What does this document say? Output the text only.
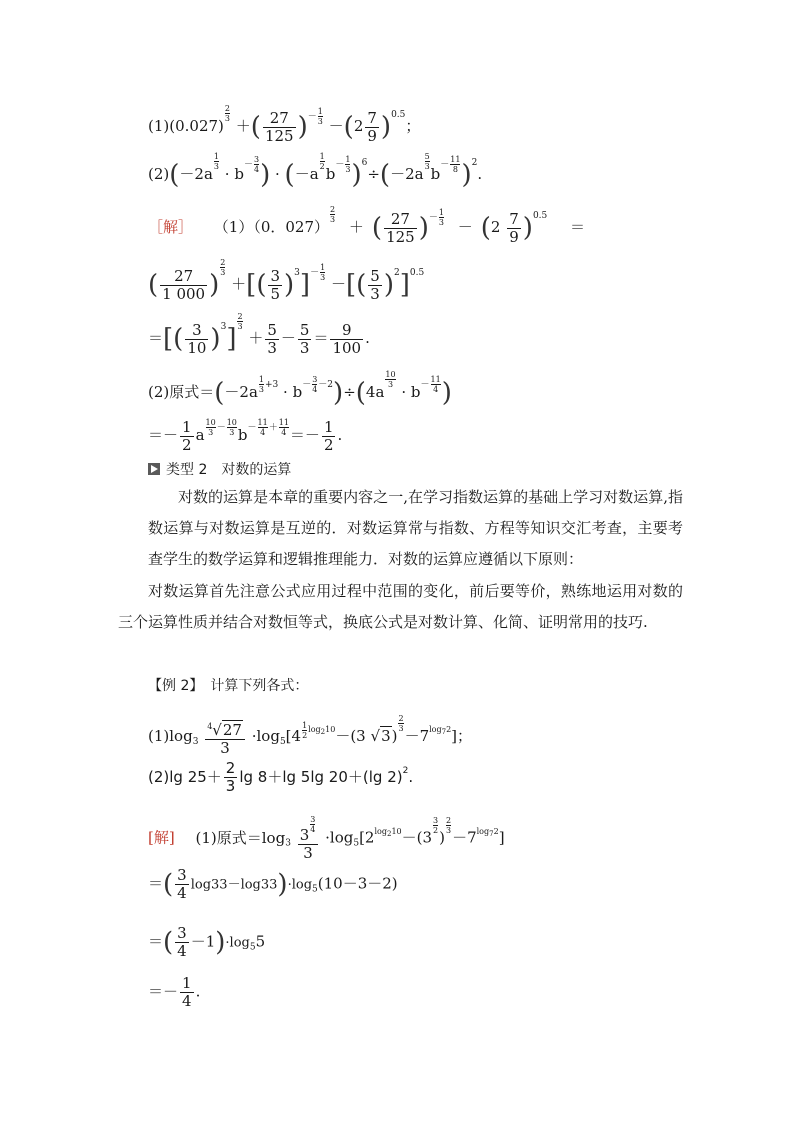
(1)(0.027)
$\frac{2}{3}$
＋( $\frac{27}{125} )^{- \frac{1}{3}} -(2 \frac{7}{9} )^{0.5}$；
(2)(－2a
$\frac{1}{3}$
· $b^{- \frac{3}{4}}$ ) · (－a
$\frac{1}{2}$
$b^{- \frac{1}{3}}$ )$^6$÷(－2a
$\frac{5}{3}$
$b^{- \frac{11}{8}}$ )$^2$.
［解］ （1）（0．027）
$\frac{2}{3}$
＋ ( $\frac{27}{125} )^{- \frac{1}{3}} - (2 \frac{7}{9} )^{0.5}$ ＝
( $\frac{27}{1 000}$ )
$\frac{2}{3}$
＋[( $\frac{3}{5} )^3]^{- \frac{1}{3}}$
－[( $\frac{5}{3} )^2]^{0.5}$
＝[( $\frac{3}{10} )^3$]
$\frac{2}{3}$
＋ $\frac{5}{3} - \frac{5}{3} = \frac{9}{100}$ .
(2)原式＝(－2a $^{\frac{1}{3} +3} \cdot b^{- \frac{3}{4} -2})\div(4a$
$\frac{10}{3}$
· $b^{- \frac{11}{4}}$ )
＝－ $\frac{1}{2}$ a $^{\frac{10}{3} - \frac{10}{3}}$ $b^{- \frac{11}{4} + \frac{11}{4}} =- \frac{1}{2}$ .
类型 2　对数的运算
对数的运算是本章的重要内容之一,在学习指数运算的基础上学习对数运算,指数运算与对数运算是互逆的．对数运算常与指数、方程等知识交汇考查，主要考查学生的数学运算和逻辑推理能力．对数的运算应遵循以下原则：
对数运算首先注意公式应用过程中范围的变化，前后要等价，熟练地运用对数的三个运算性质并结合对数恒等式，换底公式是对数计算、化简、证明常用的技巧.
【例 2】　计算下列各式：
$(1)\log_3 \frac{^4√27}{3} \cdot\log_5[4$ $^{\frac{1}{2} log210}$－(3 √3)
$\frac{2}{3}$
$-7^{log72}$]；
(2)lg $25+ \frac{2}{3}$ lg 8＋lg 5lg 20＋(lg 2)$^2$.
[解] (1)原式$=\log_3$ 3
$\frac{3}{4}$
$3 \cdot\log_5[2^{log210}-(3$
$\frac{3}{2}$
)
$\frac{2}{3}$
$-7^{log72}$]
＝( $\frac{3}{4} \log 33-\log 33)\cdot\log_5(10-3-2)$
＝( $\frac{3}{4} -1)\cdot\log_55$
＝－ $\frac{1}{4}$ .
